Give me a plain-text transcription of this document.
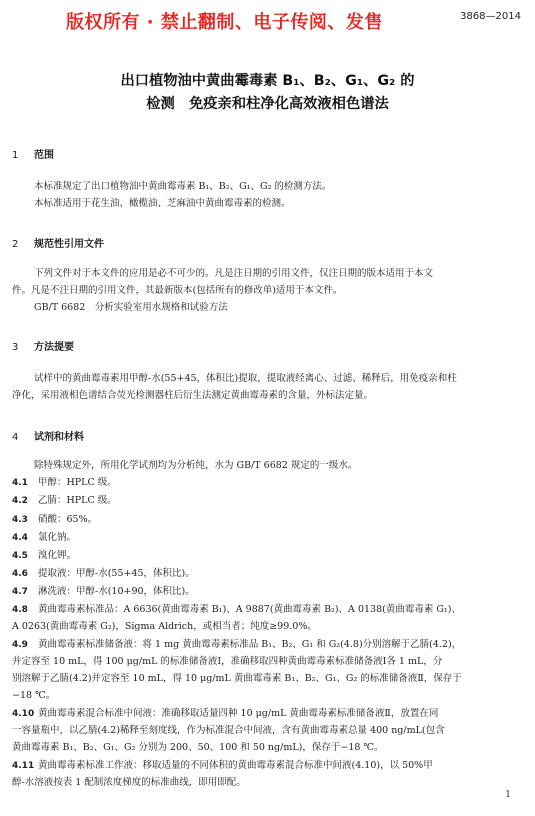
版权所有 · 禁止翻制、电子传阅、发售	3868—2014
出口植物油中黄曲霉毒素 B₁、B₂、G₁、G₂ 的
检测　免疫亲和柱净化高效液相色谱法
1 范围
本标准规定了出口植物油中黄曲霉毒素 B₁、B₂、G₁、G₂ 的检测方法。
本标准适用于花生油、橄榄油、芝麻油中黄曲霉毒素的检测。
2 规范性引用文件
下列文件对于本文件的应用是必不可少的。凡是注日期的引用文件，仅注日期的版本适用于本文
件。凡是不注日期的引用文件，其最新版本(包括所有的修改单)适用于本文件。
GB/T 6682　分析实验室用水规格和试验方法
3 方法提要
试样中的黄曲霉毒素用甲醇-水(55+45，体积比)提取，提取液经离心、过滤、稀释后，用免疫亲和柱
净化，采用液相色谱结合荧光检测器柱后衍生法测定黄曲霉毒素的含量，外标法定量。
4 试剂和材料
除特殊规定外，所用化学试剂均为分析纯，水为 GB/T 6682 规定的一级水。
4.1 甲醇：HPLC 级。
4.2 乙腈：HPLC 级。
4.3 硝酸：65%。
4.4 氯化钠。
4.5 溴化钾。
4.6 提取液：甲醇-水(55+45，体积比)。
4.7 淋洗液：甲醇-水(10+90，体积比)。
4.8 黄曲霉毒素标准品：A 6636(黄曲霉毒素 B₁)、A 9887(黄曲霉毒素 B₂)、A 0138(黄曲霉毒素 G₁)、
A 0263(黄曲霉毒素 G₂)，Sigma Aldrich，或相当者；纯度≥99.0%。
4.9 黄曲霉毒素标准储备液：将 1 mg 黄曲霉毒素标准品 B₁、B₂、G₁ 和 G₂(4.8)分别溶解于乙腈(4.2)，
并定容至 10 mL，得 100 μg/mL 的标准储备液Ⅰ，准确移取四种黄曲霉毒素标准储备液Ⅰ各 1 mL，分
别溶解于乙腈(4.2)并定容至 10 mL，得 10 μg/mL 黄曲霉毒素 B₁、B₂、G₁、G₂ 的标准储备液Ⅱ，保存于
−18 ℃。
4.10 黄曲霉毒素混合标准中间液：准确移取适量四种 10 μg/mL 黄曲霉毒素标准储备液Ⅱ，放置在同
一容量瓶中，以乙腈(4.2)稀释至刻度线，作为标准混合中间液，含有黄曲霉毒素总量 400 ng/mL(包含
黄曲霉毒素 B₁、B₂、G₁、G₂ 分别为 200、50、100 和 50 ng/mL)，保存于−18 ℃。
4.11 黄曲霉毒素标准工作液：移取适量的不同体积的黄曲霉毒素混合标准中间液(4.10)，以 50%甲
醇-水溶液按表 1 配制浓度梯度的标准曲线，即用即配。
1
